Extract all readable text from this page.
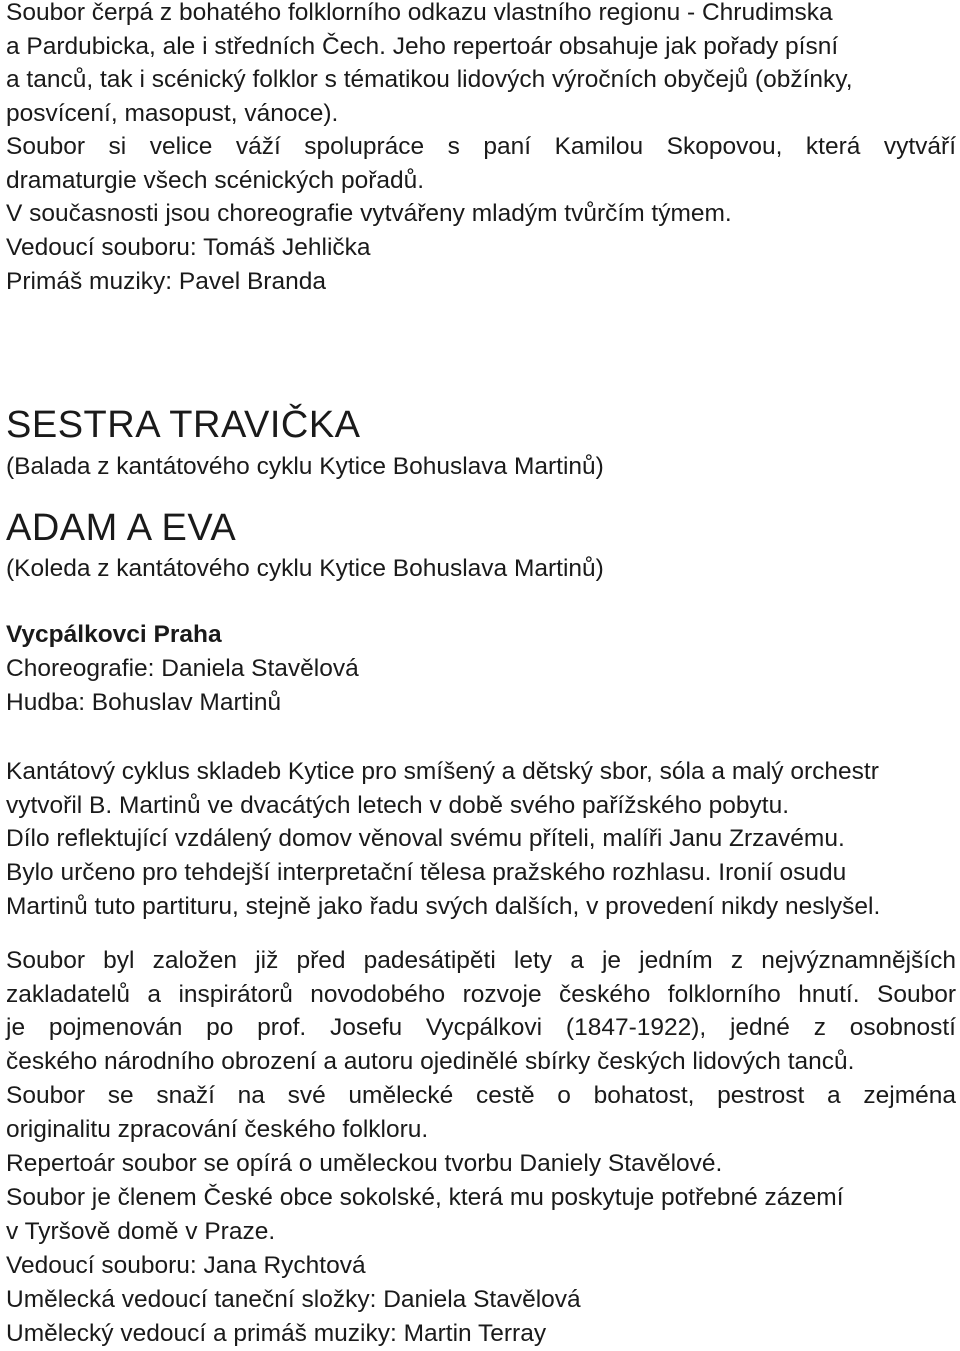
Soubor čerpá z bohatého folklorního odkazu vlastního regionu - Chrudimska
a Pardubicka, ale i středních Čech. Jeho repertoár obsahuje jak pořady písní
a tanců, tak i scénický folklor s tématikou lidových výročních obyčejů (obžínky,
posvícení, masopust, vánoce).
Soubor si velice váží spolupráce s paní Kamilou Skopovou, která vytváří
dramaturgie všech scénických pořadů.
V současnosti jsou choreografie vytvářeny mladým tvůrčím týmem.
Vedoucí souboru: Tomáš Jehlička
Primáš muziky: Pavel Branda
SESTRA TRAVIČKA
(Balada z kantátového cyklu Kytice Bohuslava Martinů)
ADAM A EVA
(Koleda z kantátového cyklu Kytice Bohuslava Martinů)
Vycpálkovci Praha
Choreografie: Daniela Stavělová
Hudba: Bohuslav Martinů
Kantátový cyklus skladeb Kytice pro smíšený a dětský sbor, sóla a malý orchestr
vytvořil B. Martinů ve dvacátých letech v době svého pařížského pobytu.
Dílo reflektující vzdálený domov věnoval svému příteli, malíři Janu Zrzavému.
Bylo určeno pro tehdejší interpretační tělesa pražského rozhlasu. Ironií osudu
Martinů tuto partituru, stejně jako řadu svých dalších, v provedení nikdy neslyšel.
Soubor byl založen již před padesátipěti lety a je jedním z nejvýznamnějších
zakladatelů a inspirátorů novodobého rozvoje českého folklorního hnutí. Soubor
je pojmenován po prof. Josefu Vycpálkovi (1847-1922), jedné z osobností
českého národního obrození a autoru ojedinělé sbírky českých lidových tanců.
Soubor se snaží na své umělecké cestě o bohatost, pestrost a zejména
originalitu zpracování českého folkloru.
Repertoár soubor se opírá o uměleckou tvorbu Daniely Stavělové.
Soubor je členem České obce sokolské, která mu poskytuje potřebné zázemí
v Tyršově domě v Praze.
Vedoucí souboru: Jana Rychtová
Umělecká vedoucí taneční složky: Daniela Stavělová
Umělecký vedoucí a primáš muziky: Martin Terray
